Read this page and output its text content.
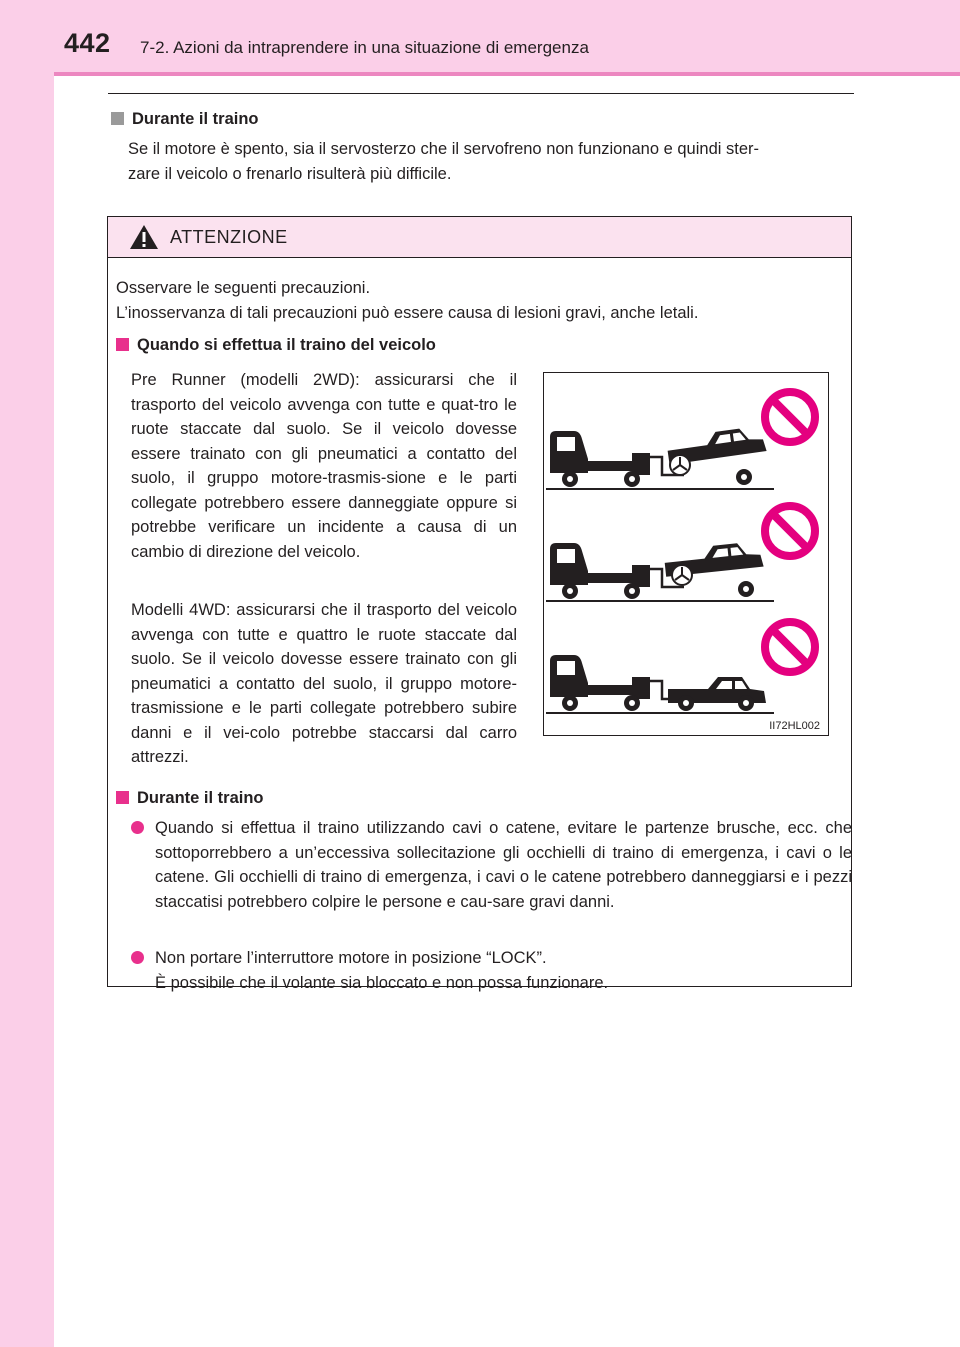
442 7-2. Azioni da intraprendere in una situazione di emergenza
Durante il traino
Se il motore è spento, sia il servosterzo che il servofreno non funzionano e quindi ster-
zare il veicolo o frenarlo risulterà più difficile.
ATTENZIONE
Osservare le seguenti precauzioni.
L’inosservanza di tali precauzioni può essere causa di lesioni gravi, anche letali.
Quando si effettua il traino del veicolo
Pre Runner (modelli 2WD): assicurarsi che il trasporto del veicolo avvenga con tutte e quat-tro le ruote staccate dal suolo. Se il veicolo dovesse essere trainato con gli pneumatici a contatto del suolo, il gruppo motore-trasmis-sione e le parti collegate potrebbero essere danneggiate oppure si potrebbe verificare un incidente a causa di un cambio di direzione del veicolo.
Modelli 4WD: assicurarsi che il trasporto del veicolo avvenga con tutte e quattro le ruote staccate dal suolo. Se il veicolo dovesse essere trainato con gli pneumatici a contatto del suolo, il gruppo motore-trasmissione e le parti collegate potrebbero subire danni e il vei-colo potrebbe staccarsi dal carro attrezzi.
II72HL002
Durante il traino
Quando si effettua il traino utilizzando cavi o catene, evitare le partenze brusche, ecc. che sottoporrebbero a un’eccessiva sollecitazione gli occhielli di traino di emergenza, i cavi o le catene. Gli occhielli di traino di emergenza, i cavi o le catene potrebbero danneggiarsi e i pezzi staccatisi potrebbero colpire le persone e cau-sare gravi danni.
Non portare l’interruttore motore in posizione “LOCK”.
È possibile che il volante sia bloccato e non possa funzionare.
